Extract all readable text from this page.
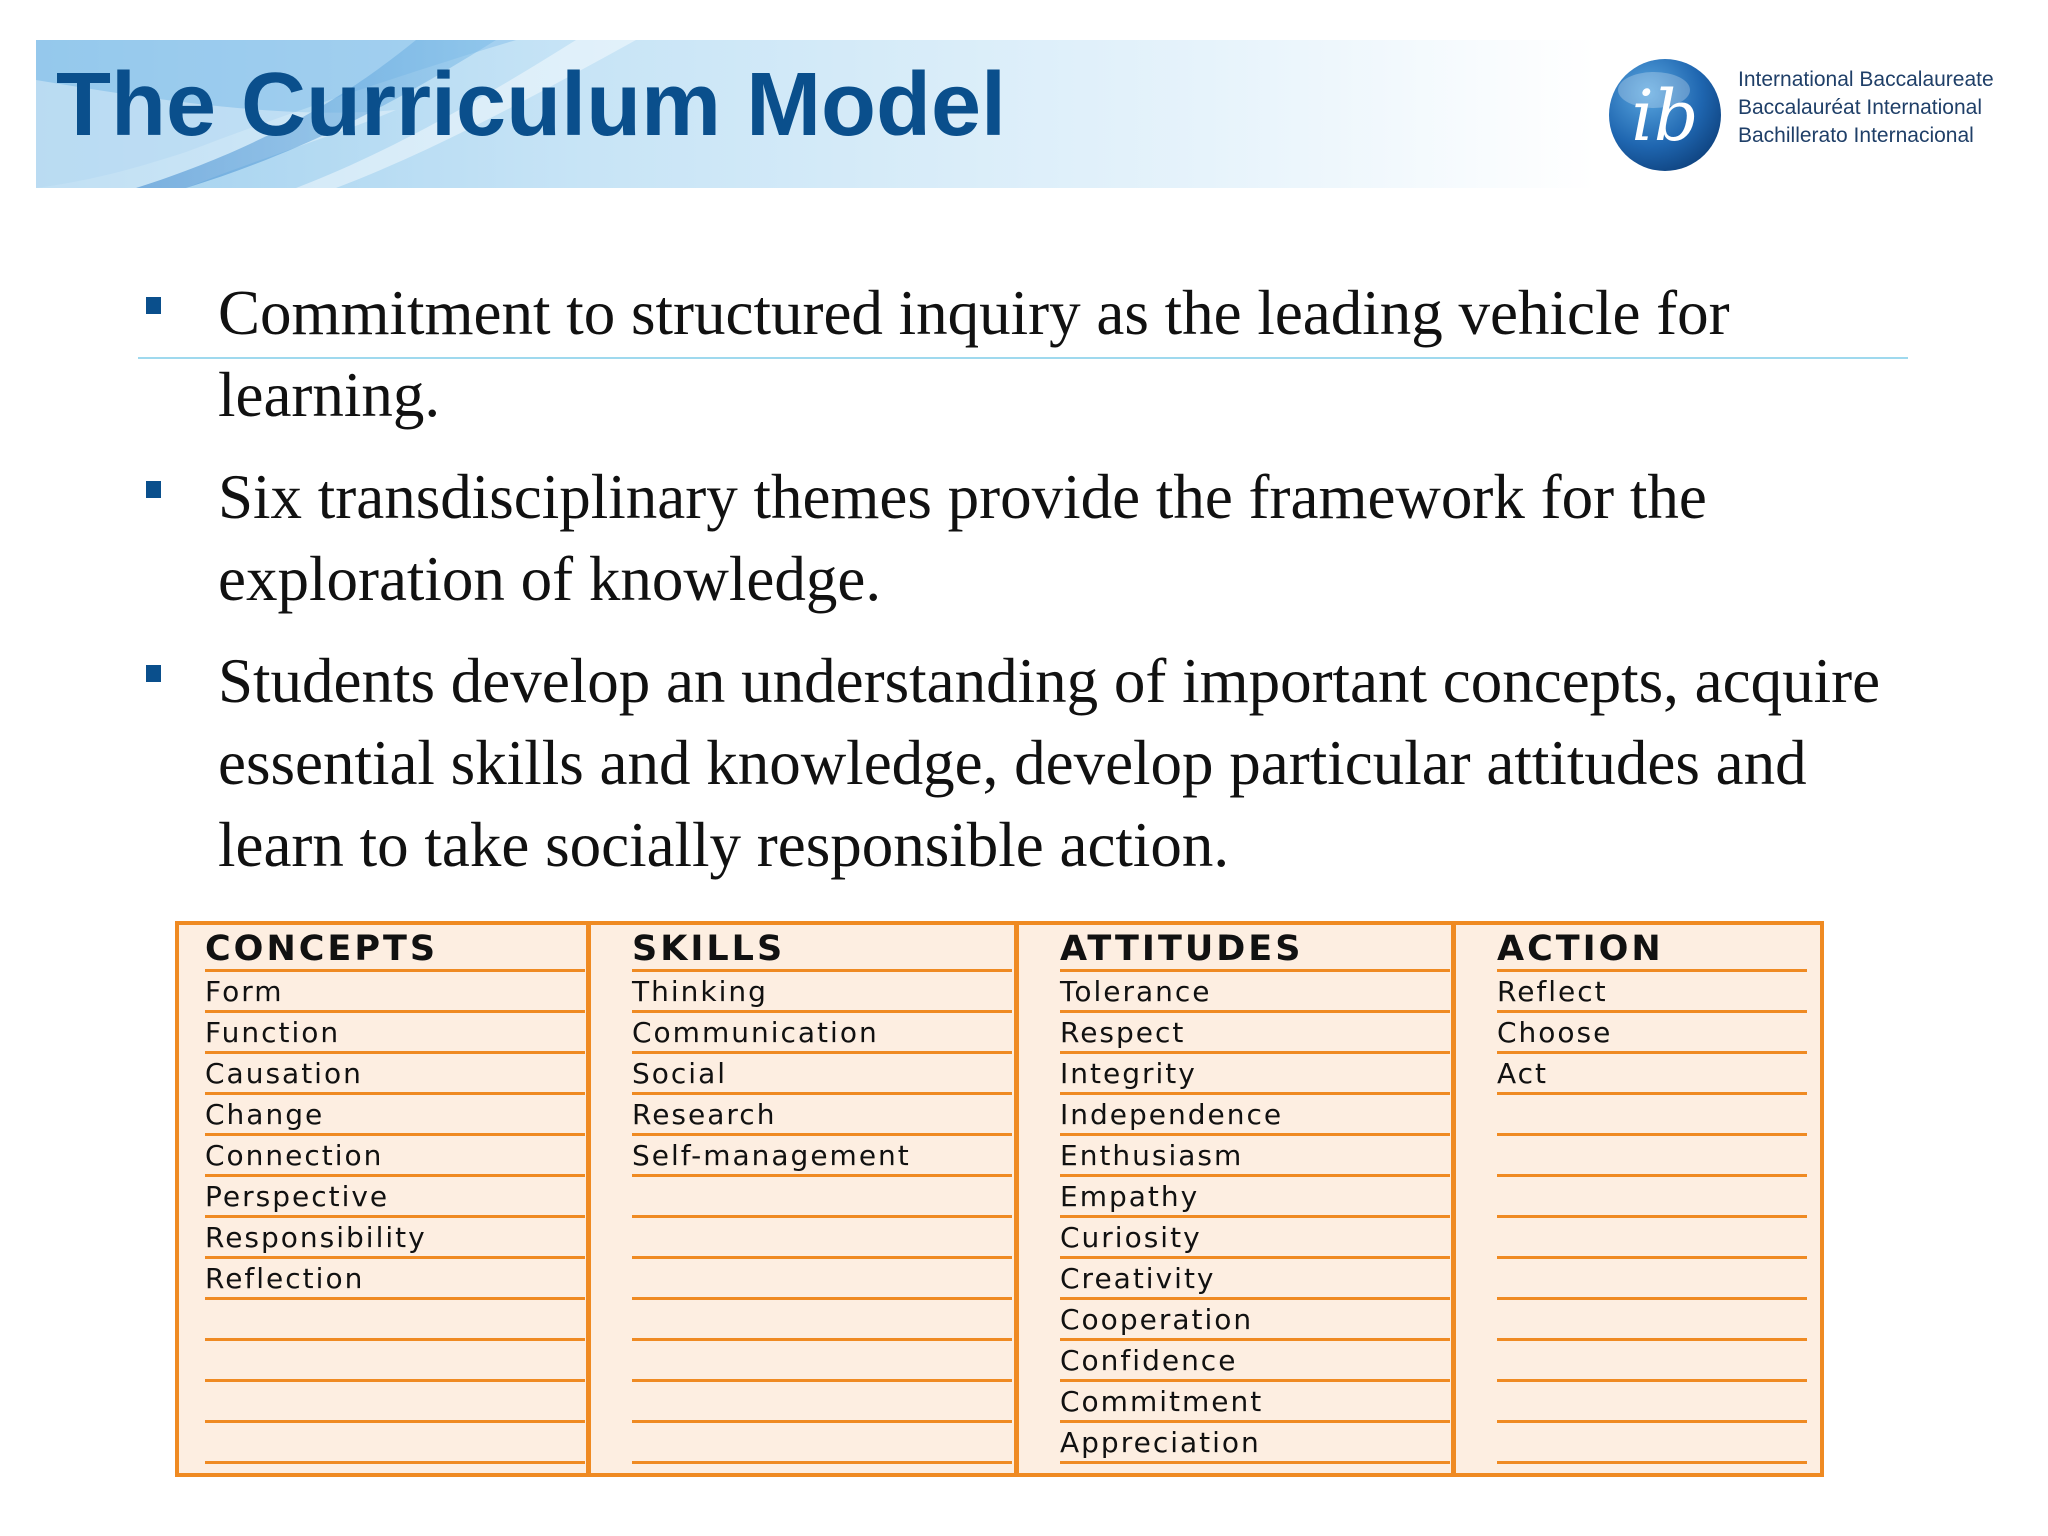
The Curriculum Model	ib International Baccalaureate
Baccalauréat International
Bachillerato Internacional
Commitment to structured inquiry as the leading vehicle for learning.
Six transdisciplinary themes provide the framework for the exploration of knowledge.
Students develop an understanding of important concepts, acquire essential skills and knowledge, develop particular attitudes and learn to take socially responsible action.
CONCEPTS
Form
Function
Causation
Change
Connection
Perspective
Responsibility
Reflection
SKILLS
Thinking
Communication
Social
Research
Self-management
ATTITUDES
Tolerance
Respect
Integrity
Independence
Enthusiasm
Empathy
Curiosity
Creativity
Cooperation
Confidence
Commitment
Appreciation
ACTION
Reflect
Choose
Act
